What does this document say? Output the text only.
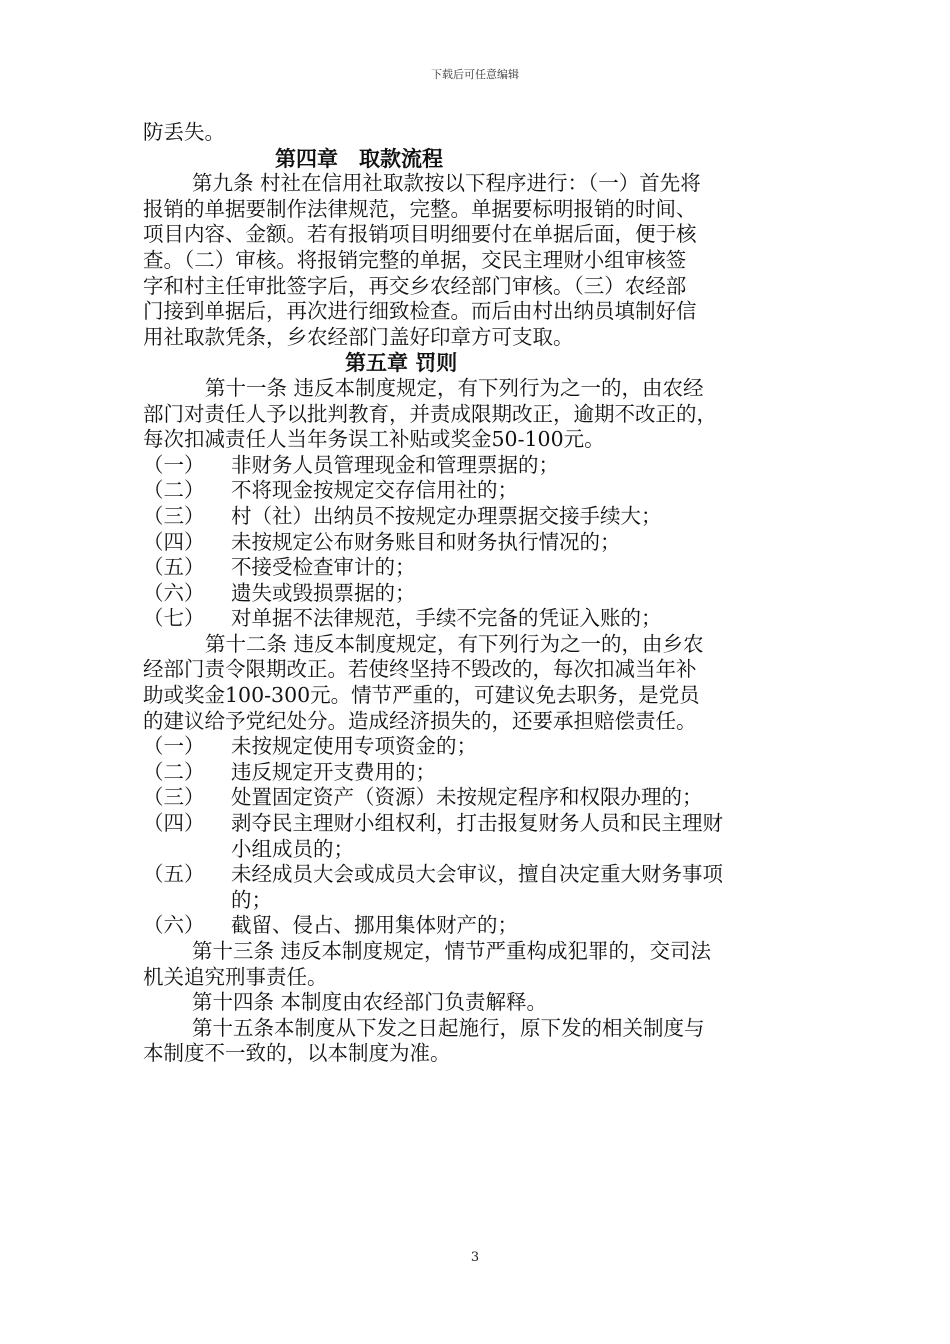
下载后可任意编辑

防丢失。

第四章　取款流程

第九条 村社在信用社取款按以下程序进行：（一）首先将

报销的单据要制作法律规范，完整。单据要标明报销的时间、

项目内容、金额。若有报销项目明细要付在单据后面，便于核

查。（二）审核。将报销完整的单据，交民主理财小组审核签

字和村主任审批签字后，再交乡农经部门审核。（三）农经部

门接到单据后，再次进行细致检查。而后由村出纳员填制好信

用社取款凭条，乡农经部门盖好印章方可支取。

第五章 罚则

第十一条 违反本制度规定，有下列行为之一的，由农经

部门对责任人予以批判教育，并责成限期改正，逾期不改正的，

每次扣减责任人当年务误工补贴或奖金50-100元。

（一）	非财务人员管理现金和管理票据的；
（二）	不将现金按规定交存信用社的；
（三）	村（社）出纳员不按规定办理票据交接手续大；
（四）	未按规定公布财务账目和财务执行情况的；
（五）	不接受检查审计的；
（六）	遗失或毁损票据的；
（七）	对单据不法律规范，手续不完备的凭证入账的；

第十二条 违反本制度规定，有下列行为之一的，由乡农

经部门责令限期改正。若使终坚持不毁改的，每次扣减当年补

助或奖金100-300元。情节严重的，可建议免去职务，是党员

的建议给予党纪处分。造成经济损失的，还要承担赔偿责任。

（一）	未按规定使用专项资金的；
（二）	违反规定开支费用的；
（三）	处置固定资产（资源）未按规定程序和权限办理的；
（四）	剥夺民主理财小组权利，打击报复财务人员和民主理财
小组成员的；
（五）	未经成员大会或成员大会审议，擅自决定重大财务事项
的；
（六）	截留、侵占、挪用集体财产的；

第十三条 违反本制度规定，情节严重构成犯罪的，交司法

机关追究刑事责任。

第十四条 本制度由农经部门负责解释。

第十五条本制度从下发之日起施行，原下发的相关制度与

本制度不一致的，以本制度为准。

3
